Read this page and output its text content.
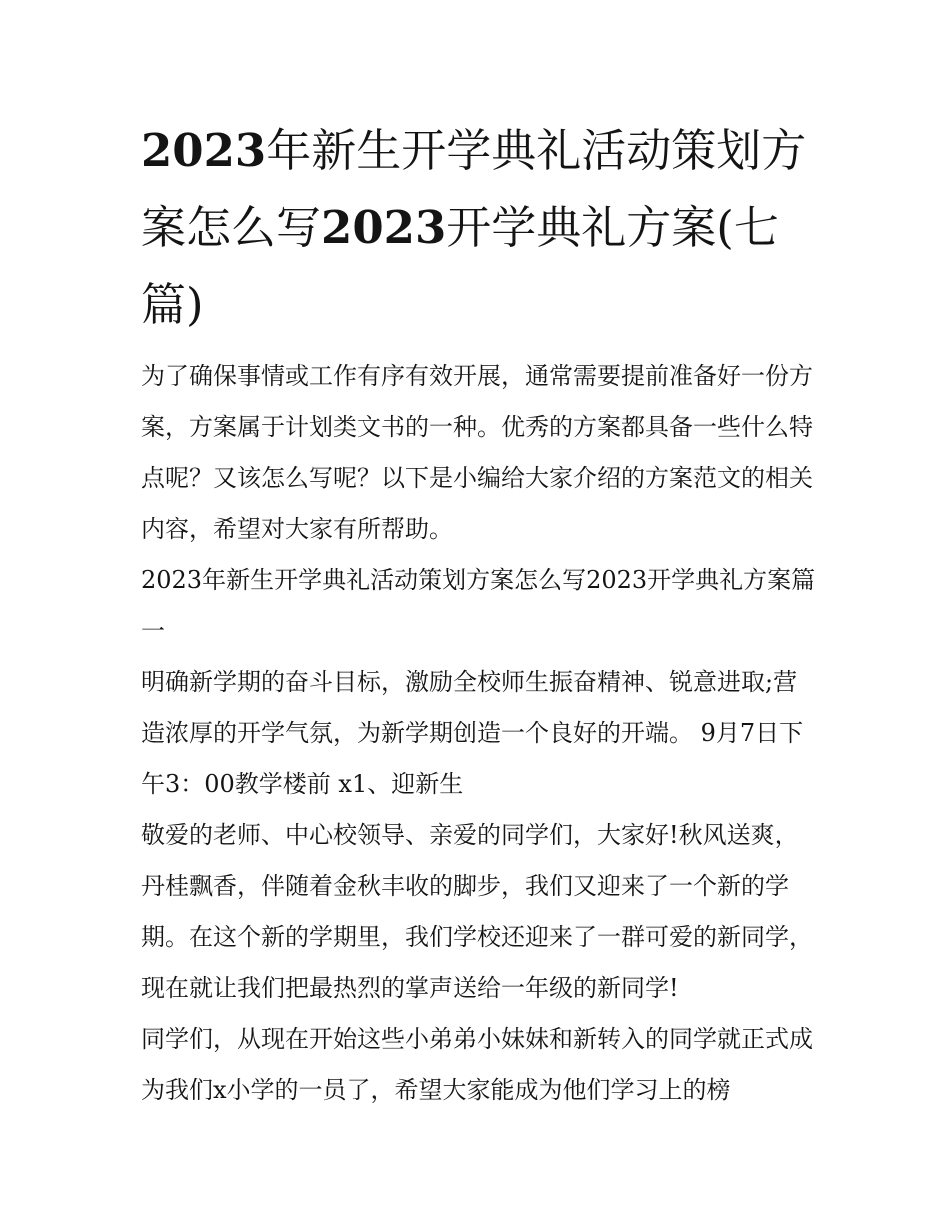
2023年新生开学典礼活动策划方案怎么写2023开学典礼方案(七篇)

为了确保事情或工作有序有效开展，通常需要提前准备好一份方案，方案属于计划类文书的一种。优秀的方案都具备一些什么特点呢？又该怎么写呢？以下是小编给大家介绍的方案范文的相关内容，希望对大家有所帮助。

2023年新生开学典礼活动策划方案怎么写2023开学典礼方案篇一

明确新学期的奋斗目标，激励全校师生振奋精神、锐意进取;营造浓厚的开学气氛，为新学期创造一个良好的开端。 9月7日下午3：00教学楼前 x1、迎新生

敬爱的老师、中心校领导、亲爱的同学们，大家好!秋风送爽，丹桂飘香，伴随着金秋丰收的脚步，我们又迎来了一个新的学期。在这个新的学期里，我们学校还迎来了一群可爱的新同学，现在就让我们把最热烈的掌声送给一年级的新同学!

同学们，从现在开始这些小弟弟小妹妹和新转入的同学就正式成为我们x小学的一员了，希望大家能成为他们学习上的榜
